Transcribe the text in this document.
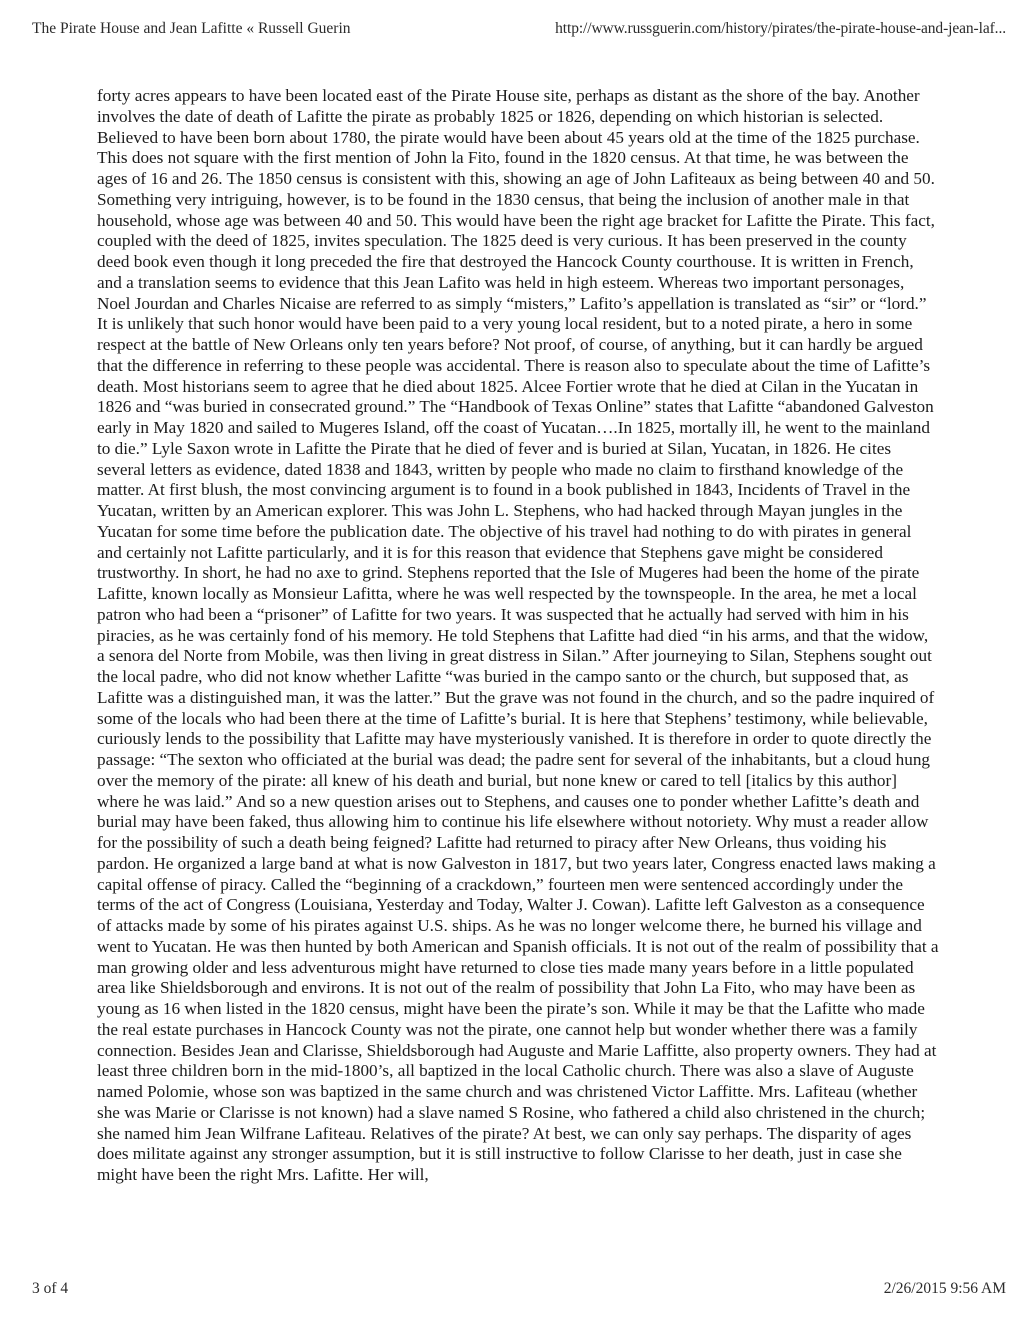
The Pirate House and Jean Lafitte « Russell Guerin	http://www.russguerin.com/history/pirates/the-pirate-house-and-jean-laf...

forty acres appears to have been located east of the Pirate House site, perhaps as distant as the shore of the bay. Another involves the date of death of Lafitte the pirate as probably 1825 or 1826, depending on which historian is selected. Believed to have been born about 1780, the pirate would have been about 45 years old at the time of the 1825 purchase. This does not square with the first mention of John la Fito, found in the 1820 census. At that time, he was between the ages of 16 and 26. The 1850 census is consistent with this, showing an age of John Lafiteaux as being between 40 and 50. Something very intriguing, however, is to be found in the 1830 census, that being the inclusion of another male in that household, whose age was between 40 and 50. This would have been the right age bracket for Lafitte the Pirate. This fact, coupled with the deed of 1825, invites speculation. The 1825 deed is very curious. It has been preserved in the county deed book even though it long preceded the fire that destroyed the Hancock County courthouse. It is written in French, and a translation seems to evidence that this Jean Lafito was held in high esteem. Whereas two important personages, Noel Jourdan and Charles Nicaise are referred to as simply “misters,” Lafito’s appellation is translated as “sir” or “lord.” It is unlikely that such honor would have been paid to a very young local resident, but to a noted pirate, a hero in some respect at the battle of New Orleans only ten years before? Not proof, of course, of anything, but it can hardly be argued that the difference in referring to these people was accidental. There is reason also to speculate about the time of Lafitte’s death. Most historians seem to agree that he died about 1825. Alcee Fortier wrote that he died at Cilan in the Yucatan in 1826 and “was buried in consecrated ground.” The “Handbook of Texas Online” states that Lafitte “abandoned Galveston early in May 1820 and sailed to Mugeres Island, off the coast of Yucatan….In 1825, mortally ill, he went to the mainland to die.” Lyle Saxon wrote in Lafitte the Pirate that he died of fever and is buried at Silan, Yucatan, in 1826. He cites several letters as evidence, dated 1838 and 1843, written by people who made no claim to firsthand knowledge of the matter. At first blush, the most convincing argument is to found in a book published in 1843, Incidents of Travel in the Yucatan, written by an American explorer. This was John L. Stephens, who had hacked through Mayan jungles in the Yucatan for some time before the publication date. The objective of his travel had nothing to do with pirates in general and certainly not Lafitte particularly, and it is for this reason that evidence that Stephens gave might be considered trustworthy. In short, he had no axe to grind. Stephens reported that the Isle of Mugeres had been the home of the pirate Lafitte, known locally as Monsieur Lafitta, where he was well respected by the townspeople. In the area, he met a local patron who had been a “prisoner” of Lafitte for two years. It was suspected that he actually had served with him in his piracies, as he was certainly fond of his memory. He told Stephens that Lafitte had died “in his arms, and that the widow, a senora del Norte from Mobile, was then living in great distress in Silan.” After journeying to Silan, Stephens sought out the local padre, who did not know whether Lafitte “was buried in the campo santo or the church, but supposed that, as Lafitte was a distinguished man, it was the latter.” But the grave was not found in the church, and so the padre inquired of some of the locals who had been there at the time of Lafitte’s burial. It is here that Stephens’ testimony, while believable, curiously lends to the possibility that Lafitte may have mysteriously vanished. It is therefore in order to quote directly the passage: “The sexton who officiated at the burial was dead; the padre sent for several of the inhabitants, but a cloud hung over the memory of the pirate: all knew of his death and burial, but none knew or cared to tell [italics by this author] where he was laid.” And so a new question arises out to Stephens, and causes one to ponder whether Lafitte’s death and burial may have been faked, thus allowing him to continue his life elsewhere without notoriety. Why must a reader allow for the possibility of such a death being feigned? Lafitte had returned to piracy after New Orleans, thus voiding his pardon. He organized a large band at what is now Galveston in 1817, but two years later, Congress enacted laws making a capital offense of piracy. Called the “beginning of a crackdown,” fourteen men were sentenced accordingly under the terms of the act of Congress (Louisiana, Yesterday and Today, Walter J. Cowan). Lafitte left Galveston as a consequence of attacks made by some of his pirates against U.S. ships. As he was no longer welcome there, he burned his village and went to Yucatan. He was then hunted by both American and Spanish officials. It is not out of the realm of possibility that a man growing older and less adventurous might have returned to close ties made many years before in a little populated area like Shieldsborough and environs. It is not out of the realm of possibility that John La Fito, who may have been as young as 16 when listed in the 1820 census, might have been the pirate’s son. While it may be that the Lafitte who made the real estate purchases in Hancock County was not the pirate, one cannot help but wonder whether there was a family connection. Besides Jean and Clarisse, Shieldsborough had Auguste and Marie Laffitte, also property owners. They had at least three children born in the mid-1800’s, all baptized in the local Catholic church. There was also a slave of Auguste named Polomie, whose son was baptized in the same church and was christened Victor Laffitte. Mrs. Lafiteau (whether she was Marie or Clarisse is not known) had a slave named S Rosine, who fathered a child also christened in the church; she named him Jean Wilfrane Lafiteau. Relatives of the pirate? At best, we can only say perhaps. The disparity of ages does militate against any stronger assumption, but it is still instructive to follow Clarisse to her death, just in case she might have been the right Mrs. Lafitte. Her will,

3 of 4	2/26/2015 9:56 AM
